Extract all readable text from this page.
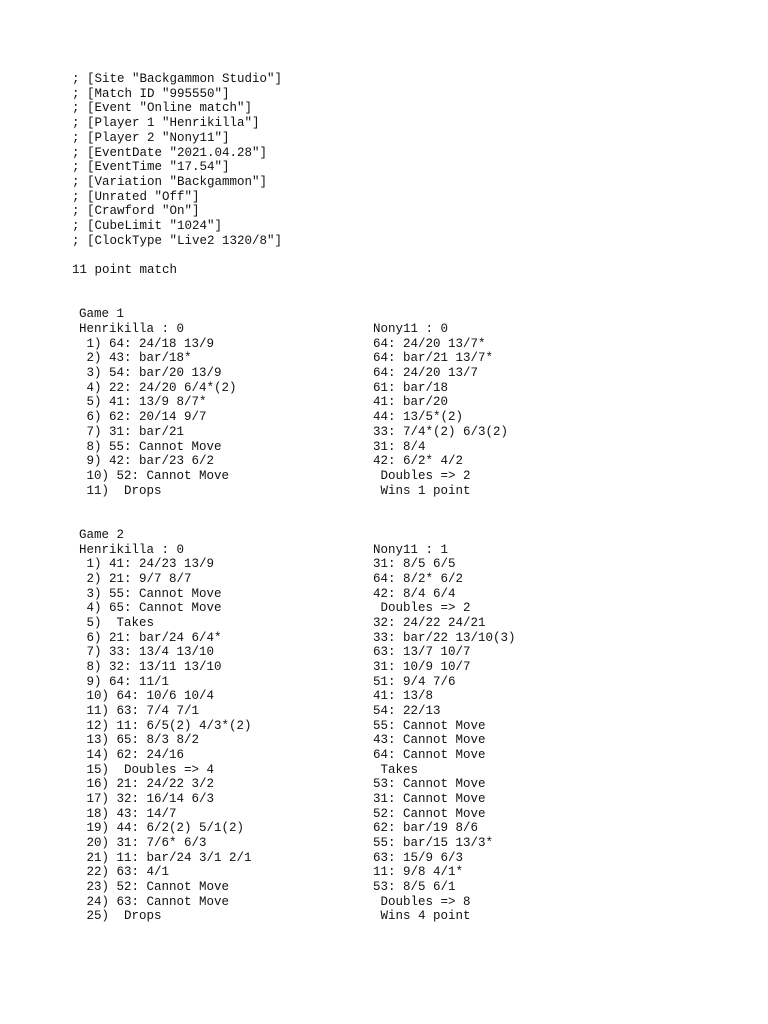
; [Site "Backgammon Studio"]
; [Match ID "995550"]
; [Event "Online match"]
; [Player 1 "Henrikilla"]
; [Player 2 "Nony11"]
; [EventDate "2021.04.28"]
; [EventTime "17.54"]
; [Variation "Backgammon"]
; [Unrated "Off"]
; [Crawford "On"]
; [CubeLimit "1024"]
; [ClockType "Live2 1320/8"]
11 point match
Game 1
Henrikilla : 0	Nony11 : 0
1) 64: 24/18 13/9	64: 24/20 13/7*
2) 43: bar/18*	64: bar/21 13/7*
3) 54: bar/20 13/9	64: 24/20 13/7
4) 22: 24/20 6/4*(2)	61: bar/18
5) 41: 13/9 8/7*	41: bar/20
6) 62: 20/14 9/7	44: 13/5*(2)
7) 31: bar/21	33: 7/4*(2) 6/3(2)
8) 55: Cannot Move	31: 8/4
9) 42: bar/23 6/2	42: 6/2* 4/2
10) 52: Cannot Move	Doubles => 2
11)  Drops	Wins 1 point
Game 2
Henrikilla : 0	Nony11 : 1
1) 41: 24/23 13/9	31: 8/5 6/5
2) 21: 9/7 8/7	64: 8/2* 6/2
3) 55: Cannot Move	42: 8/4 6/4
4) 65: Cannot Move	Doubles => 2
5)  Takes	32: 24/22 24/21
6) 21: bar/24 6/4*	33: bar/22 13/10(3)
7) 33: 13/4 13/10	63: 13/7 10/7
8) 32: 13/11 13/10	31: 10/9 10/7
9) 64: 11/1	51: 9/4 7/6
10) 64: 10/6 10/4	41: 13/8
11) 63: 7/4 7/1	54: 22/13
12) 11: 6/5(2) 4/3*(2)	55: Cannot Move
13) 65: 8/3 8/2	43: Cannot Move
14) 62: 24/16	64: Cannot Move
15)  Doubles => 4	Takes
16) 21: 24/22 3/2	53: Cannot Move
17) 32: 16/14 6/3	31: Cannot Move
18) 43: 14/7	52: Cannot Move
19) 44: 6/2(2) 5/1(2)	62: bar/19 8/6
20) 31: 7/6* 6/3	55: bar/15 13/3*
21) 11: bar/24 3/1 2/1	63: 15/9 6/3
22) 63: 4/1	11: 9/8 4/1*
23) 52: Cannot Move	53: 8/5 6/1
24) 63: Cannot Move	Doubles => 8
25)  Drops	Wins 4 point
